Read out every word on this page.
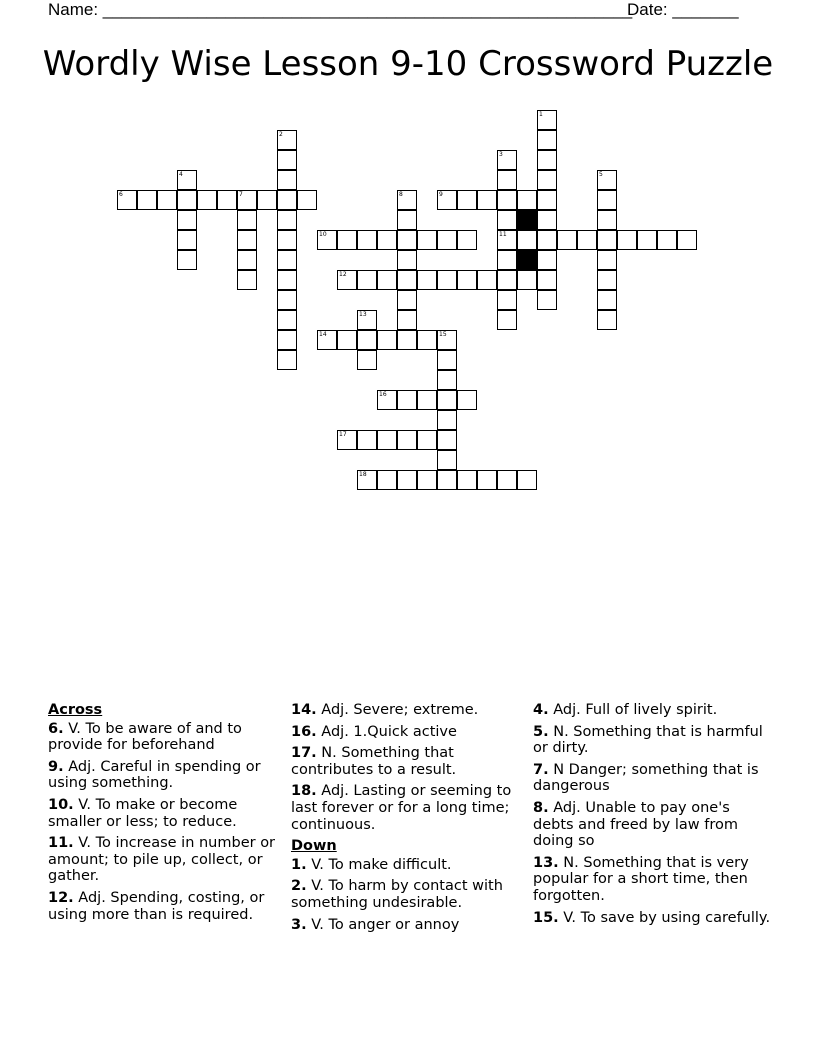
Name: ________________________________________________________
Date: _______
Wordly Wise Lesson 9-10 Crossword Puzzle
1
2
3
4	5
6	7	8	9
10	11
12
13
14	15
16
17
18
Across
6. V. To be aware of and to provide for beforehand
9. Adj. Careful in spending or using something.
10. V. To make or become smaller or less; to reduce.
11. V. To increase in number or amount; to pile up, collect, or gather.
12. Adj. Spending, costing, or using more than is required.
14. Adj. Severe; extreme.
16. Adj. 1.Quick active
17. N. Something that contributes to a result.
18. Adj. Lasting or seeming to last forever or for a long time; continuous.
Down
1. V. To make difficult.
2. V. To harm by contact with something undesirable.
3. V. To anger or annoy
4. Adj. Full of lively spirit.
5. N. Something that is harmful or dirty.
7. N Danger; something that is dangerous
8. Adj. Unable to pay one's debts and freed by law from doing so
13. N. Something that is very popular for a short time, then forgotten.
15. V. To save by using carefully.
